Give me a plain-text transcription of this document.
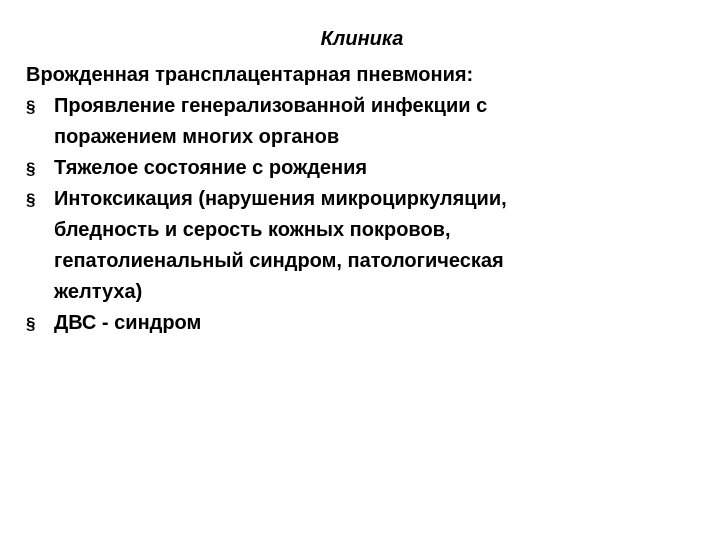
Клиника
Врожденная трансплацентарная пневмония:
§ Проявление генерализованной инфекции с
поражением многих органов
§ Тяжелое состояние с рождения
§ Интоксикация (нарушения микроциркуляции,
бледность и серость кожных покровов,
гепатолиенальный синдром, патологическая
желтуха)
§ ДВС - синдром
